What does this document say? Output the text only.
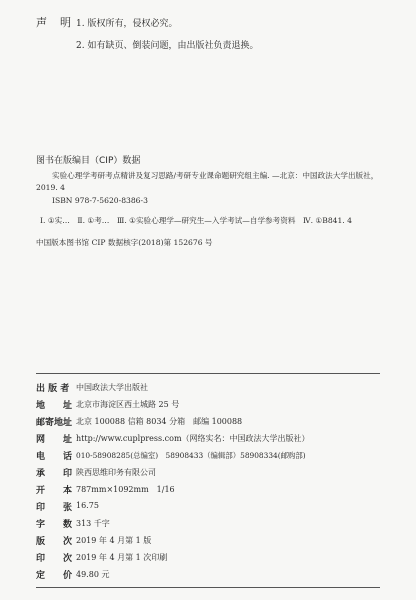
声　明 1. 版权所有，侵权必究。
2. 如有缺页、倒装问题，由出版社负责退换。
图书在版编目（CIP）数据
实验心理学考研考点精讲及复习思路/考研专业课命题研究组主编. —北京：中国政法大学出版社，
2019. 4
ISBN 978-7-5620-8386-3
Ⅰ. ①实…　Ⅱ. ①考…　Ⅲ. ①实验心理学—研究生—入学考试—自学参考资料　Ⅳ. ①B841. 4
中国版本图书馆 CIP 数据核字(2018)第 152676 号
出 版 者 中国政法大学出版社
地　　址 北京市海淀区西土城路 25 号
邮寄地址 北京 100088 信箱 8034 分箱　邮编 100088
网　　址 http://www.cuplpress.com（网络实名：中国政法大学出版社）
电　　话 010-58908285(总编室)　58908433（编辑部）58908334(邮购部)
承　　印 陕西思维印务有限公司
开　　本 787mm×1092mm　1/16
印　　张 16.75
字　　数 313 千字
版　　次 2019 年 4 月第 1 版
印　　次 2019 年 4 月第 1 次印刷
定　　价 49.80 元
